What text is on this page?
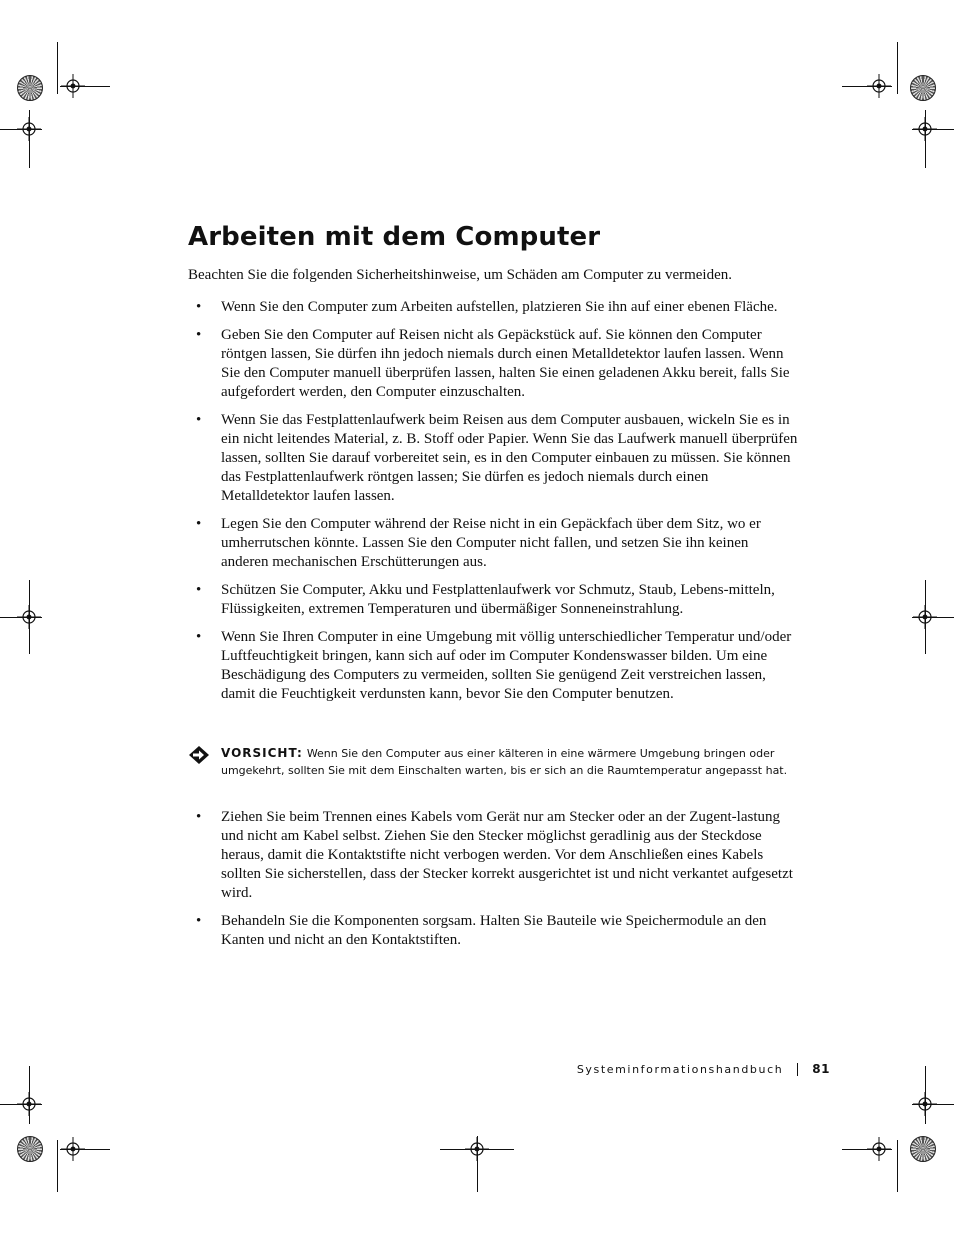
Arbeiten mit dem Computer

Beachten Sie die folgenden Sicherheitshinweise, um Schäden am Computer zu vermeiden.

• Wenn Sie den Computer zum Arbeiten aufstellen, platzieren Sie ihn auf einer ebenen Fläche.
• Geben Sie den Computer auf Reisen nicht als Gepäckstück auf. Sie können den Computer röntgen lassen, Sie dürfen ihn jedoch niemals durch einen Metalldetektor laufen lassen. Wenn Sie den Computer manuell überprüfen lassen, halten Sie einen geladenen Akku bereit, falls Sie aufgefordert werden, den Computer einzuschalten.
• Wenn Sie das Festplattenlaufwerk beim Reisen aus dem Computer ausbauen, wickeln Sie es in ein nicht leitendes Material, z. B. Stoff oder Papier. Wenn Sie das Laufwerk manuell überprüfen lassen, sollten Sie darauf vorbereitet sein, es in den Computer einbauen zu müssen. Sie können das Festplattenlaufwerk röntgen lassen; Sie dürfen es jedoch niemals durch einen Metalldetektor laufen lassen.
• Legen Sie den Computer während der Reise nicht in ein Gepäckfach über dem Sitz, wo er umherrutschen könnte. Lassen Sie den Computer nicht fallen, und setzen Sie ihn keinen anderen mechanischen Erschütterungen aus.
• Schützen Sie Computer, Akku und Festplattenlaufwerk vor Schmutz, Staub, Lebens-mitteln, Flüssigkeiten, extremen Temperaturen und übermäßiger Sonneneinstrahlung.
• Wenn Sie Ihren Computer in eine Umgebung mit völlig unterschiedlicher Temperatur und/oder Luftfeuchtigkeit bringen, kann sich auf oder im Computer Kondenswasser bilden. Um eine Beschädigung des Computers zu vermeiden, sollten Sie genügend Zeit verstreichen lassen, damit die Feuchtigkeit verdunsten kann, bevor Sie den Computer benutzen.
VORSICHT: Wenn Sie den Computer aus einer kälteren in eine wärmere Umgebung bringen oder umgekehrt, sollten Sie mit dem Einschalten warten, bis er sich an die Raumtemperatur angepasst hat.
• Ziehen Sie beim Trennen eines Kabels vom Gerät nur am Stecker oder an der Zugent-lastung und nicht am Kabel selbst. Ziehen Sie den Stecker möglichst geradlinig aus der Steckdose heraus, damit die Kontaktstifte nicht verbogen werden. Vor dem Anschließen eines Kabels sollten Sie sicherstellen, dass der Stecker korrekt ausgerichtet ist und nicht verkantet aufgesetzt wird.
• Behandeln Sie die Komponenten sorgsam. Halten Sie Bauteile wie Speichermodule an den Kanten und nicht an den Kontaktstiften.
Systeminformationshandbuch 81
